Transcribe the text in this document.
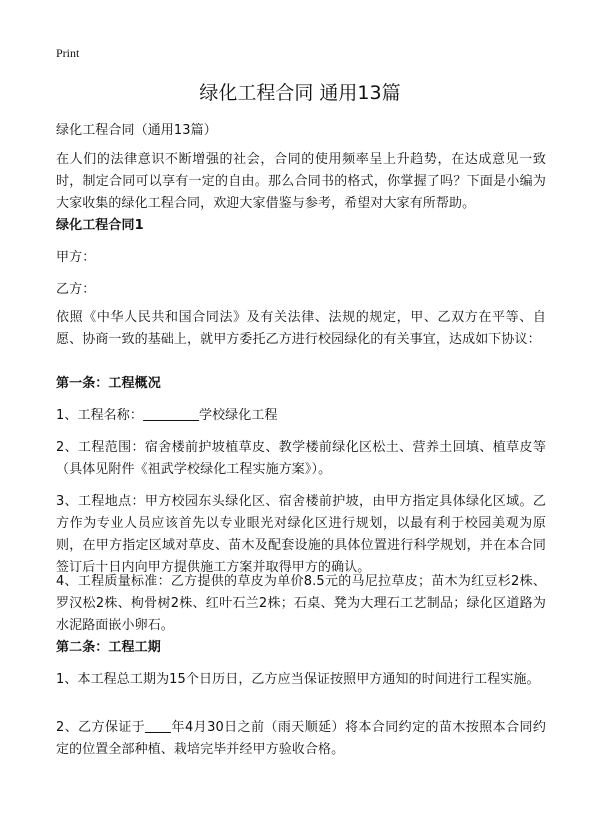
Print
绿化工程合同 通用13篇

绿化工程合同（通用13篇）

在人们的法律意识不断增强的社会，合同的使用频率呈上升趋势，在达成意见一致时，制定合同可以享有一定的自由。那么合同书的格式，你掌握了吗？下面是小编为大家收集的绿化工程合同，欢迎大家借鉴与参考，希望对大家有所帮助。

绿化工程合同1

甲方：

乙方：

依照《中华人民共和国合同法》及有关法律、法规的规定，甲、乙双方在平等、自愿、协商一致的基础上，就甲方委托乙方进行校园绿化的有关事宜，达成如下协议：

第一条：工程概况

1、工程名称：	学校绿化工程

2、工程范围：宿舍楼前护坡植草皮、教学楼前绿化区松土、营养土回填、植草皮等（具体见附件《祖武学校绿化工程实施方案》）。

3、工程地点：甲方校园东头绿化区、宿舍楼前护坡，由甲方指定具体绿化区域。乙方作为专业人员应该首先以专业眼光对绿化区进行规划，以最有利于校园美观为原则，在甲方指定区域对草皮、苗木及配套设施的具体位置进行科学规划，并在本合同签订后十日内向甲方提供施工方案并取得甲方的确认。

4、工程质量标准：乙方提供的草皮为单价8.5元的马尼拉草皮；苗木为红豆杉2株、罗汉松2株、枸骨树2株、红叶石兰2株；石桌、凳为大理石工艺制品；绿化区道路为水泥路面嵌小卵石。

第二条：工程工期

1、本工程总工期为15个日历日，乙方应当保证按照甲方通知的时间进行工程实施。

2、乙方保证于 年4月30日之前（雨天顺延）将本合同约定的苗木按照本合同约定的位置全部种植、栽培完毕并经甲方验收合格。
